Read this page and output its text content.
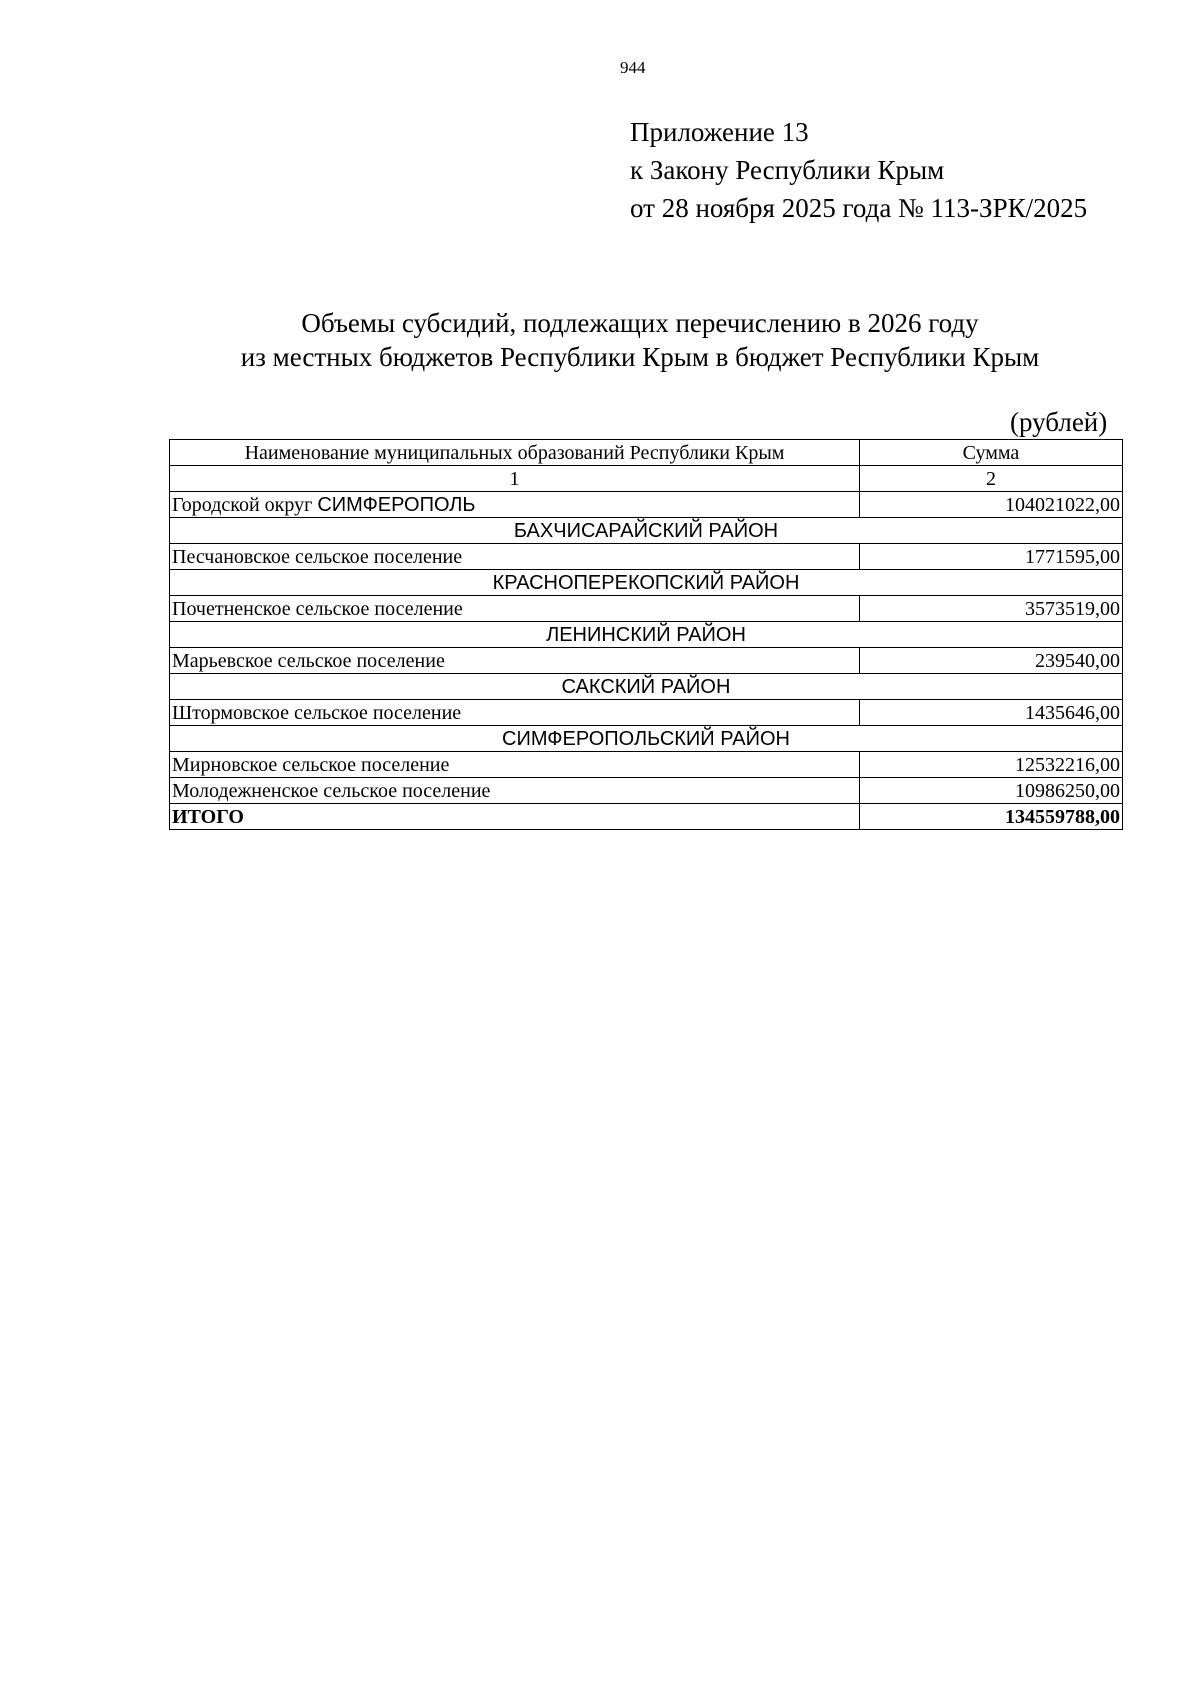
944
Приложение 13
к Закону Республики Крым
от 28 ноября 2025 года № 113-ЗРК/2025
Объемы субсидий, подлежащих перечислению в 2026 году
из местных бюджетов Республики Крым в бюджет Республики Крым
(рублей)
Наименование муниципальных образований Республики Крым	Сумма
1	2
Городской округ СИМФЕРОПОЛЬ	104021022,00
БАХЧИСАРАЙСКИЙ РАЙОН	
Песчановское сельское поселение	1771595,00
КРАСНОПЕРЕКОПСКИЙ РАЙОН	
Почетненское сельское поселение	3573519,00
ЛЕНИНСКИЙ РАЙОН	
Марьевское сельское поселение	239540,00
САКСКИЙ РАЙОН	
Штормовское сельское поселение	1435646,00
СИМФЕРОПОЛЬСКИЙ РАЙОН	
Мирновское сельское поселение	12532216,00
Молодежненское сельское поселение	10986250,00
ИТОГО	134559788,00
